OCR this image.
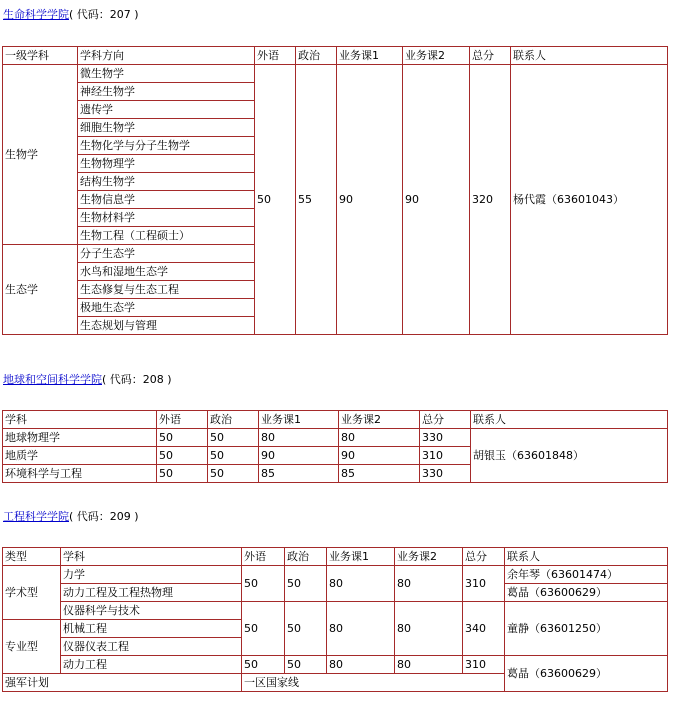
生命科学学院( 代码：207 )
一级学科	学科方向	外语	政治	业务课1	业务课2	总分	联系人
生物学	微生物学	50	55	90	90	320	杨代霞（63601043）
	神经生物学						
	遗传学						
	细胞生物学						
	生物化学与分子生物学						
	生物物理学						
	结构生物学						
	生物信息学						
	生物材料学						
	生物工程（工程硕士）						
生态学	分子生态学						
	水鸟和湿地生态学						
	生态修复与生态工程						
	极地生态学						
	生态规划与管理						
地球和空间科学学院( 代码：208 )
学科	外语	政治	业务课1	业务课2	总分	联系人
地球物理学	50	50	80	80	330	胡银玉（63601848）
地质学	50	50	90	90	310	
环境科学与工程	50	50	85	85	330	
工程科学学院( 代码：209 )
类型	学科	外语	政治	业务课1	业务课2	总分	联系人
学术型	力学	50	50	80	80	310	余年琴（63601474）
	动力工程及工程热物理						葛晶（63600629）
	仪器科学与技术	50	50	80	80	340	童静（63601250）
专业型	机械工程						
	仪器仪表工程						
	动力工程	50	50	80	80	310	葛晶（63600629）
强军计划		一区国家线					
